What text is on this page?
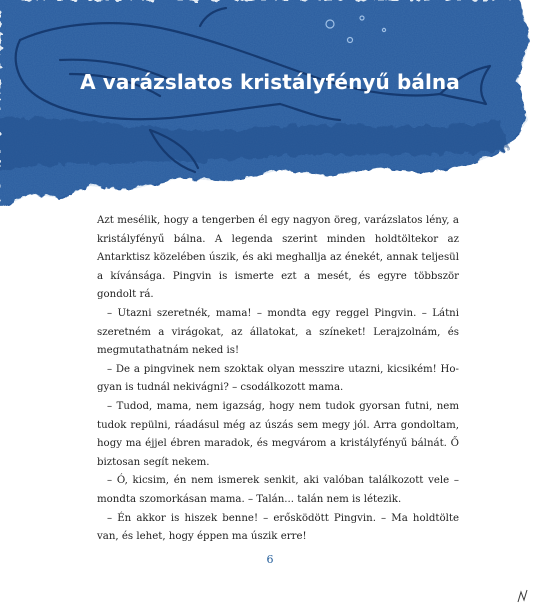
A varázslatos kristályfényű bálna

Azt mesélik, hogy a tengerben él egy nagyon öreg, varázslatos lény, a kristályfényű bálna. A legenda szerint minden holdtöltekor az Antarktisz közelében úszik, és aki meghallja az énekét, annak teljesül a kívánsága. Pingvin is ismerte ezt a mesét, és egyre többször gondolt rá.

– Utazni szeretnék, mama! – mondta egy reggel Pingvin. – Látni szeretném a virágokat, az állatokat, a színeket! Lerajzolnám, és megmutathatnám neked is!

– De a pingvinek nem szoktak olyan messzire utazni, kicsikém! Hogyan is tudnál nekivágni? – csodálkozott mama.

– Tudod, mama, nem igazság, hogy nem tudok gyorsan futni, nem tudok repülni, ráadásul még az úszás sem megy jól. Arra gondoltam, hogy ma éjjel ébren maradok, és megvárom a kristályfényű bálnát. Ő biztosan segít nekem.

– Ó, kicsim, én nem ismerek senkit, aki valóban találkozott vele – mondta szomorkásan mama. – Talán... talán nem is létezik.

– Én akkor is hiszek benne! – erősködött Pingvin. – Ma holdtölte van, és lehet, hogy éppen ma úszik erre!

6
